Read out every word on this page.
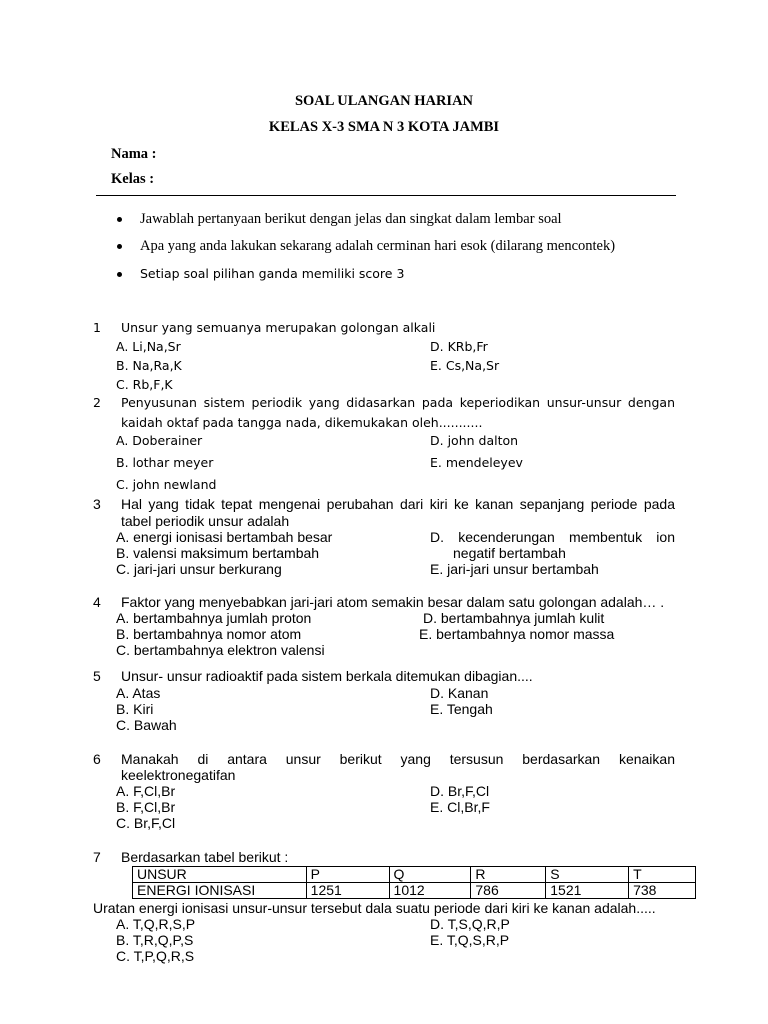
SOAL ULANGAN HARIAN
KELAS X-3 SMA N 3 KOTA JAMBI
Nama :
Kelas :
Jawablah pertanyaan berikut dengan jelas dan singkat dalam lembar soal
Apa yang anda lakukan sekarang adalah cerminan hari esok (dilarang mencontek)
Setiap soal pilihan ganda memiliki score 3
1 Unsur yang semuanya merupakan golongan alkali
A. Li,Na,Sr
B. Na,Ra,K
C. Rb,F,K
D. KRb,Fr
E. Cs,Na,Sr
2 Penyusunan sistem periodik yang didasarkan pada keperiodikan unsur-unsur dengan
kaidah oktaf pada tangga nada, dikemukakan oleh...........
A. Doberainer
B. lothar meyer
C. john newland
D. john dalton
E. mendeleyev
3 Hal yang tidak tepat mengenai perubahan dari kiri ke kanan sepanjang periode pada
tabel periodik unsur adalah
A. energi ionisasi bertambah besar
B. valensi maksimum bertambah
C. jari-jari unsur berkurang
D. kecenderungan membentuk ion
negatif bertambah
E. jari-jari unsur bertambah
4 Faktor yang menyebabkan jari-jari atom semakin besar dalam satu golongan adalah… .
A. bertambahnya jumlah proton
B. bertambahnya nomor atom
C. bertambahnya elektron valensi
D. bertambahnya jumlah kulit
E. bertambahnya nomor massa
5 Unsur- unsur radioaktif pada sistem berkala ditemukan dibagian....
A. Atas
B. Kiri
C. Bawah
D. Kanan
E. Tengah
6 Manakah di antara unsur berikut yang tersusun berdasarkan kenaikan
keelektronegatifan
A. F,Cl,Br
B. F,Cl,Br
C. Br,F,Cl
D. Br,F,Cl
E. Cl,Br,F
7 Berdasarkan tabel berikut :
UNSUR	P	Q	R	S	T
ENERGI IONISASI	1251	1012	786	1521	738
Uratan energi ionisasi unsur-unsur tersebut dala suatu periode dari kiri ke kanan adalah.....
A. T,Q,R,S,P
B. T,R,Q,P,S
C. T,P,Q,R,S
D. T,S,Q,R,P
E. T,Q,S,R,P
